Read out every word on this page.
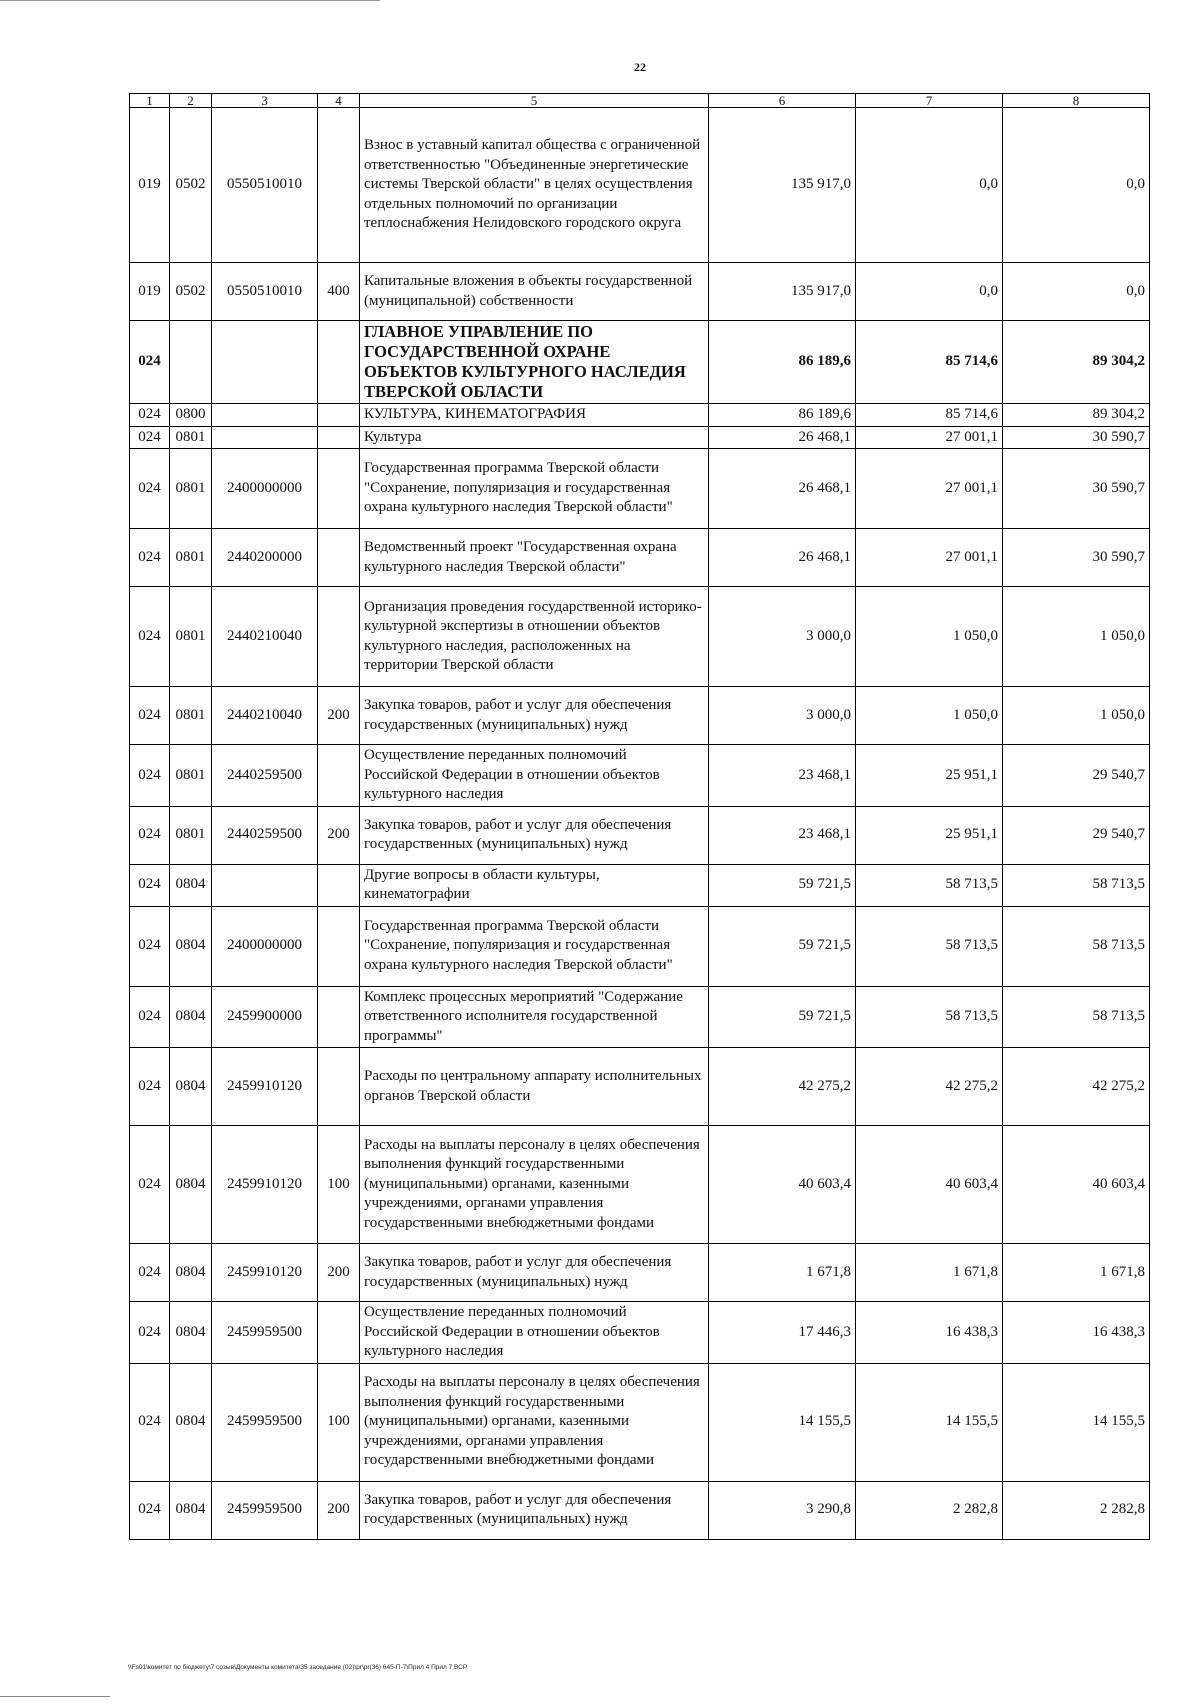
22
1	2	3	4	5	6	7	8
019	0502	0550510010		Взнос в уставный капитал общества с ограниченной ответственностью "Объединенные энергетические системы Тверской области" в целях осуществления отдельных полномочий по организации теплоснабжения Нелидовского городского округа	135 917,0	0,0	0,0
019	0502	0550510010	400	Капитальные вложения в объекты государственной (муниципальной) собственности	135 917,0	0,0	0,0
024				ГЛАВНОЕ УПРАВЛЕНИЕ ПО ГОСУДАРСТВЕННОЙ ОХРАНЕ ОБЪЕКТОВ КУЛЬТУРНОГО НАСЛЕДИЯ ТВЕРСКОЙ ОБЛАСТИ	86 189,6	85 714,6	89 304,2
024	0800			КУЛЬТУРА, КИНЕМАТОГРАФИЯ	86 189,6	85 714,6	89 304,2
024	0801			Культура	26 468,1	27 001,1	30 590,7
024	0801	2400000000		Государственная программа Тверской области "Сохранение, популяризация и государственная охрана культурного наследия Тверской области"	26 468,1	27 001,1	30 590,7
024	0801	2440200000		Ведомственный проект "Государственная охрана культурного наследия Тверской области"	26 468,1	27 001,1	30 590,7
024	0801	2440210040		Организация проведения государственной историко-культурной экспертизы в отношении объектов культурного наследия, расположенных на территории Тверской области	3 000,0	1 050,0	1 050,0
024	0801	2440210040	200	Закупка товаров, работ и услуг для обеспечения государственных (муниципальных) нужд	3 000,0	1 050,0	1 050,0
024	0801	2440259500		Осуществление переданных полномочий Российской Федерации в отношении объектов культурного наследия	23 468,1	25 951,1	29 540,7
024	0801	2440259500	200	Закупка товаров, работ и услуг для обеспечения государственных (муниципальных) нужд	23 468,1	25 951,1	29 540,7
024	0804			Другие вопросы в области культуры, кинематографии	59 721,5	58 713,5	58 713,5
024	0804	2400000000		Государственная программа Тверской области "Сохранение, популяризация и государственная охрана культурного наследия Тверской области"	59 721,5	58 713,5	58 713,5
024	0804	2459900000		Комплекс процессных мероприятий "Содержание ответственного исполнителя государственной программы"	59 721,5	58 713,5	58 713,5
024	0804	2459910120		Расходы по центральному аппарату исполнительных органов Тверской области	42 275,2	42 275,2	42 275,2
024	0804	2459910120	100	Расходы на выплаты персоналу в целях обеспечения выполнения функций государственными (муниципальными) органами, казенными учреждениями, органами управления государственными внебюджетными фондами	40 603,4	40 603,4	40 603,4
024	0804	2459910120	200	Закупка товаров, работ и услуг для обеспечения государственных (муниципальных) нужд	1 671,8	1 671,8	1 671,8
024	0804	2459959500		Осуществление переданных полномочий Российской Федерации в отношении объектов культурного наследия	17 446,3	16 438,3	16 438,3
024	0804	2459959500	100	Расходы на выплаты персоналу в целях обеспечения выполнения функций государственными (муниципальными) органами, казенными учреждениями, органами управления государственными внебюджетными фондами	14 155,5	14 155,5	14 155,5
024	0804	2459959500	200	Закупка товаров, работ и услуг для обеспечения государственных (муниципальных) нужд	3 290,8	2 282,8	2 282,8
\\Fs01\комитет по бюджету\7 созыв\Документы комитета\35 заседание (02)\pr\pr(36) 645-П-7\Прил 4 Прил 7 ВСР
